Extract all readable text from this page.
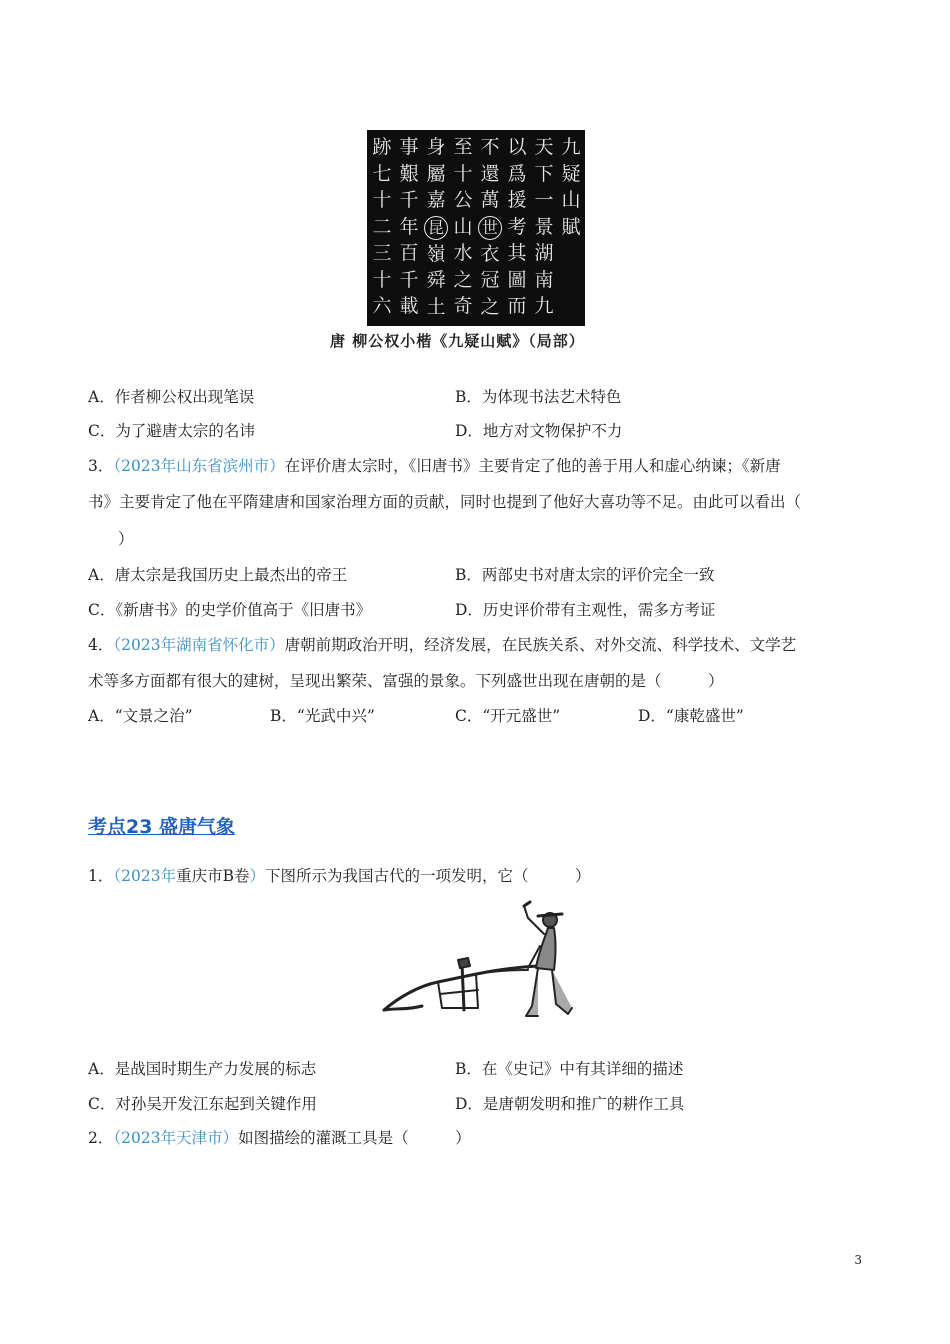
九
疑
山
賦
天
下
一
景
湖
南
九
以
爲
援
考
其
圖
而
不
還
萬
世
衣
冠
之
至
十
公
山
水
之
奇
身
屬
嘉
昆
嶺
舜
土
事
艱
千
年
百
千
載
跡
七
十
二
三
十
六
唐 柳公权小楷《九疑山赋》（局部）
A．作者柳公权出现笔误	B．为体现书法艺术特色
C．为了避唐太宗的名讳	D．地方对文物保护不力
3．（2023年山东省滨州市）在评价唐太宗时，《旧唐书》主要肯定了他的善于用人和虚心纳谏；《新唐
书》主要肯定了他在平隋建唐和国家治理方面的贡献，同时也提到了他好大喜功等不足。由此可以看出（
）
A．唐太宗是我国历史上最杰出的帝王	B．两部史书对唐太宗的评价完全一致
C．《新唐书》的史学价值高于《旧唐书》	D．历史评价带有主观性，需多方考证
4．（2023年湖南省怀化市）唐朝前期政治开明，经济发展，在民族关系、对外交流、科学技术、文学艺
术等多方面都有很大的建树，呈现出繁荣、富强的景象。下列盛世出现在唐朝的是（　　　）
A．“文景之治”	B．“光武中兴”	C．“开元盛世”	D．“康乾盛世”
考点23 盛唐气象
1．（2023年重庆市B卷）下图所示为我国古代的一项发明，它（　　　）
A．是战国时期生产力发展的标志	B．在《史记》中有其详细的描述
C．对孙吴开发江东起到关键作用	D．是唐朝发明和推广的耕作工具
2．（2023年天津市）如图描绘的灌溉工具是（　　　）
3
